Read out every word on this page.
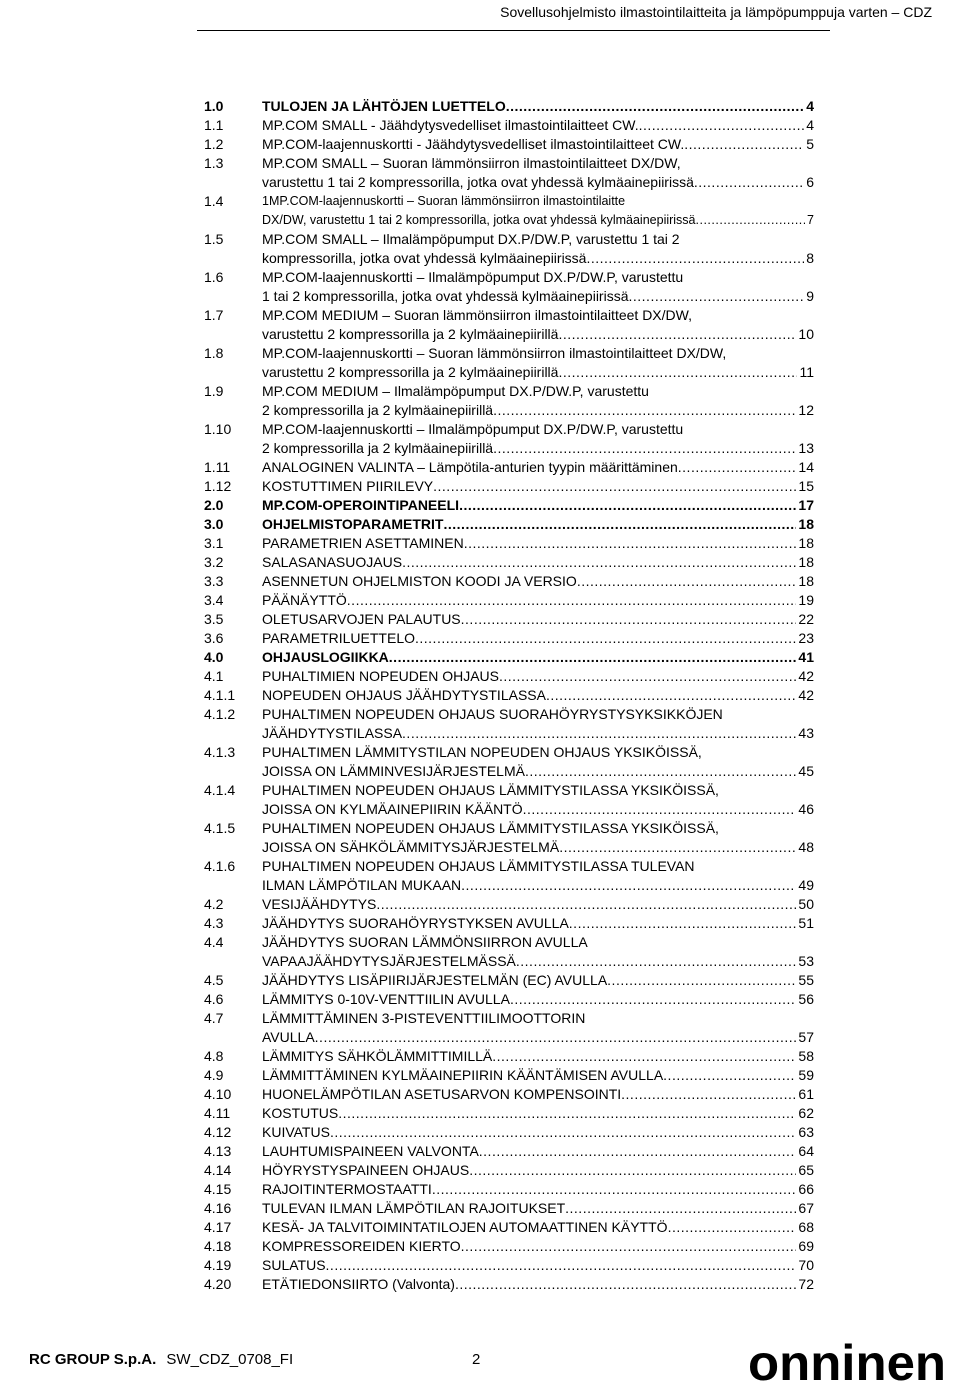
Sovellusohjelmisto ilmastointilaitteita ja lämpöpumppuja varten – CDZ
1.0	TULOJEN JA LÄHTÖJEN LUETTELO .....	4
1.1	MP.COM SMALL - Jäähdytysvedelliset ilmastointilaitteet CW. .....	4
1.2	MP.COM-laajennuskortti - Jäähdytysvedelliset ilmastointilaitteet CW. .....	5
1.3	MP.COM SMALL – Suoran lämmönsiirron ilmastointilaitteet DX/DW,
varustettu 1 tai 2 kompressorilla, jotka ovat yhdessä kylmäainepiirissä .....	6
1.4	1MP.COM-laajennuskortti – Suoran lämmönsiirron ilmastointilaitte
DX/DW, varustettu 1 tai 2 kompressorilla, jotka ovat yhdessä kylmäainepiirissä .....	7
1.5	MP.COM SMALL – Ilmalämpöpumput DX.P/DW.P, varustettu 1 tai 2
kompressorilla, jotka ovat yhdessä kylmäainepiirissä .....	8
1.6	MP.COM-laajennuskortti – Ilmalämpöpumput DX.P/DW.P, varustettu
1 tai 2 kompressorilla, jotka ovat yhdessä kylmäainepiirissä .....	9
1.7	MP.COM MEDIUM – Suoran lämmönsiirron ilmastointilaitteet DX/DW,
varustettu 2 kompressorilla ja 2 kylmäainepiirillä .....	10
1.8	MP.COM-laajennuskortti – Suoran lämmönsiirron ilmastointilaitteet DX/DW,
varustettu 2 kompressorilla ja 2 kylmäainepiirillä .....	11
1.9	MP.COM MEDIUM – Ilmalämpöpumput DX.P/DW.P, varustettu
2 kompressorilla ja 2 kylmäainepiirillä .....	12
1.10 MP.COM-laajennuskortti – Ilmalämpöpumput DX.P/DW.P, varustettu
2 kompressorilla ja 2 kylmäainepiirillä .....	13
1.11 ANALOGINEN VALINTA – Lämpötila-anturien tyypin määrittäminen .....	14
1.12 KOSTUTTIMEN PIIRILEVY .....	15
2.0	MP.COM-OPEROINTIPANEELI .....	17
3.0	OHJELMISTOPARAMETRIT .....	18
3.1	PARAMETRIEN ASETTAMINEN .....	18
3.2	SALASANASUOJAUS .....	18
3.3	ASENNETUN OHJELMISTON KOODI JA VERSIO .....	18
3.4	PÄÄNÄYTTÖ .....	19
3.5	OLETUSARVOJEN PALAUTUS .....	22
3.6	PARAMETRILUETTELO .....	23
4.0	OHJAUSLOGIIKKA .....	41
4.1	PUHALTIMIEN NOPEUDEN OHJAUS .....	42
4.1.1 NOPEUDEN OHJAUS JÄÄHDYTYSTILASSA .....	42
4.1.2 PUHALTIMEN NOPEUDEN OHJAUS SUORAHÖYRYSTYSYKSIKKÖJEN
JÄÄHDYTYSTILASSA .....	43
4.1.3 PUHALTIMEN LÄMMITYSTILAN NOPEUDEN OHJAUS YKSIKÖISSÄ,
JOISSA ON LÄMMINVESIJÄRJESTELMÄ .....	45
4.1.4 PUHALTIMEN NOPEUDEN OHJAUS LÄMMITYSTILASSA YKSIKÖISSÄ,
JOISSA ON KYLMÄAINEPIIRIN KÄÄNTÖ .....	46
4.1.5 PUHALTIMEN NOPEUDEN OHJAUS LÄMMITYSTILASSA YKSIKÖISSÄ,
JOISSA ON SÄHKÖLÄMMITYSJÄRJESTELMÄ .....	48
4.1.6 PUHALTIMEN NOPEUDEN OHJAUS LÄMMITYSTILASSA TULEVAN
ILMAN LÄMPÖTILAN MUKAAN .....	49
4.2	VESIJÄÄHDYTYS .....	50
4.3	JÄÄHDYTYS SUORAHÖYRYSTYKSEN AVULLA .....	51
4.4	JÄÄHDYTYS SUORAN LÄMMÖNSIIRRON AVULLA
VAPAAJÄÄHDYTYSJÄRJESTELMÄSSÄ .....	53
4.5	JÄÄHDYTYS LISÄPIIRIJÄRJESTELMÄN (EC) AVULLA .....	55
4.6	LÄMMITYS 0-10V-VENTTIILIN AVULLA .....	56
4.7	LÄMMITTÄMINEN 3-PISTEVENTTIILIMOOTTORIN
AVULLA .....	57
4.8	LÄMMITYS SÄHKÖLÄMMITTIMILLÄ .....	58
4.9	LÄMMITTÄMINEN KYLMÄAINEPIIRIN KÄÄNTÄMISEN AVULLA .....	59
4.10 HUONELÄMPÖTILAN ASETUSARVON KOMPENSOINTI .....	61
4.11 KOSTUTUS .....	62
4.12 KUIVATUS .....	63
4.13 LAUHTUMISPAINEEN VALVONTA .....	64
4.14 HÖYRYSTYSPAINEEN OHJAUS .....	65
4.15 RAJOITINTERMOSTAATTI .....	66
4.16 TULEVAN ILMAN LÄMPÖTILAN RAJOITUKSET .....	67
4.17 KESÄ- JA TALVITOIMINTATILOJEN AUTOMAATTINEN KÄYTTÖ .....	68
4.18 KOMPRESSOREIDEN KIERTO .....	69
4.19 SULATUS .....	70
4.20 ETÄTIEDONSIIRTO (Valvonta) .....	72
RC GROUP S.p.A. SW_CDZ_0708_FI	2	onninen
